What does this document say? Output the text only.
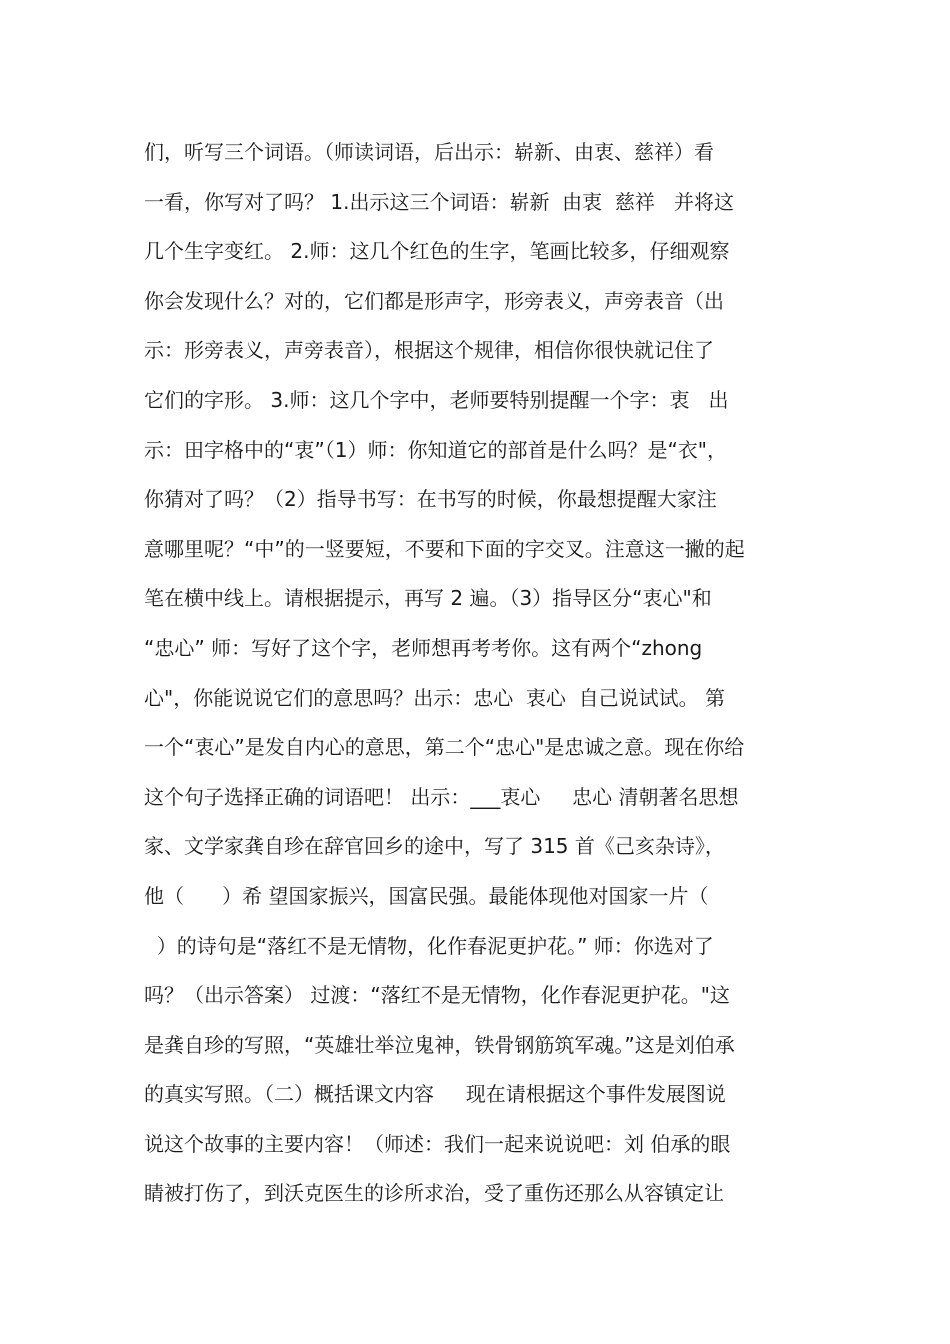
们，听写三个词语。（师读词语，后出示：崭新、由衷、慈祥）看
一看，你写对了吗？ 1.出示这三个词语：崭新  由衷  慈祥   并将这
几个生字变红。 2.师：这几个红色的生字，笔画比较多，仔细观察
你会发现什么？对的，它们都是形声字，形旁表义，声旁表音（出
示：形旁表义，声旁表音），根据这个规律，相信你很快就记住了
它们的字形。 3.师：这几个字中，老师要特别提醒一个字：衷   出
示：田字格中的“衷”（1）师：你知道它的部首是什么吗？是“衣"，
你猜对了吗？（2）指导书写：在书写的时候，你最想提醒大家注
意哪里呢？“中”的一竖要短，不要和下面的字交叉。注意这一撇的起
笔在横中线上。请根据提示，再写 2 遍。（3）指导区分“衷心"和
“忠心” 师：写好了这个字，老师想再考考你。这有两个“zhong
心"，你能说说它们的意思吗？出示：忠心  衷心  自己说试试。 第
一个“衷心”是发自内心的意思，第二个“忠心"是忠诚之意。现在你给
这个句子选择正确的词语吧！ 出示：___衷心     忠心 清朝著名思想
家、文学家龚自珍在辞官回乡的途中，写了 315 首《己亥杂诗》，
他（      ）希 望国家振兴，国富民强。最能体现他对国家一片（
）的诗句是“落红不是无情物，化作春泥更护花。” 师：你选对了
吗？（出示答案） 过渡：“落红不是无情物，化作春泥更护花。"这
是龚自珍的写照，“英雄壮举泣鬼神，铁骨钢筋筑军魂。”这是刘伯承
的真实写照。（二）概括课文内容     现在请根据这个事件发展图说
说这个故事的主要内容！（师述：我们一起来说说吧：刘 伯承的眼
睛被打伤了，到沃克医生的诊所求治，受了重伤还那么从容镇定让
